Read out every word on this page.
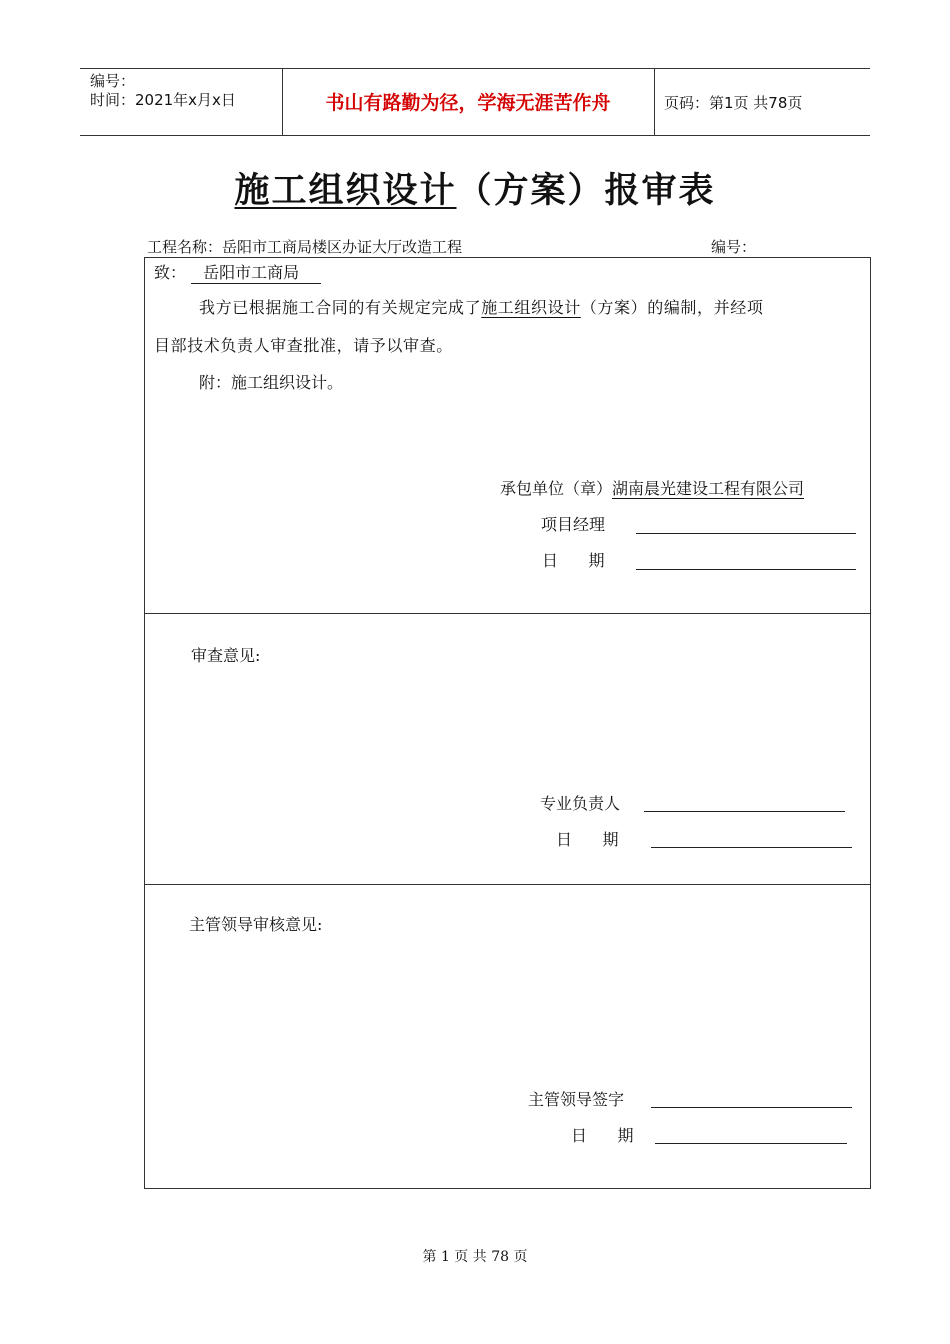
编号：
时间：2021年x月x日	书山有路勤为径，学海无涯苦作舟	页码：第1页 共78页
施工组织设计（方案）报审表
工程名称：岳阳市工商局楼区办证大厅改造工程	编号：
致： 岳阳市工商局
我方已根据施工合同的有关规定完成了施工组织设计（方案）的编制，并经项
目部技术负责人审查批准，请予以审查。
附：施工组织设计。
承包单位（章）湖南晨光建设工程有限公司
项目经理
日      期
审查意见:
专业负责人
日      期
主管领导审核意见:
主管领导签字
日      期
第 1 页 共 78 页
